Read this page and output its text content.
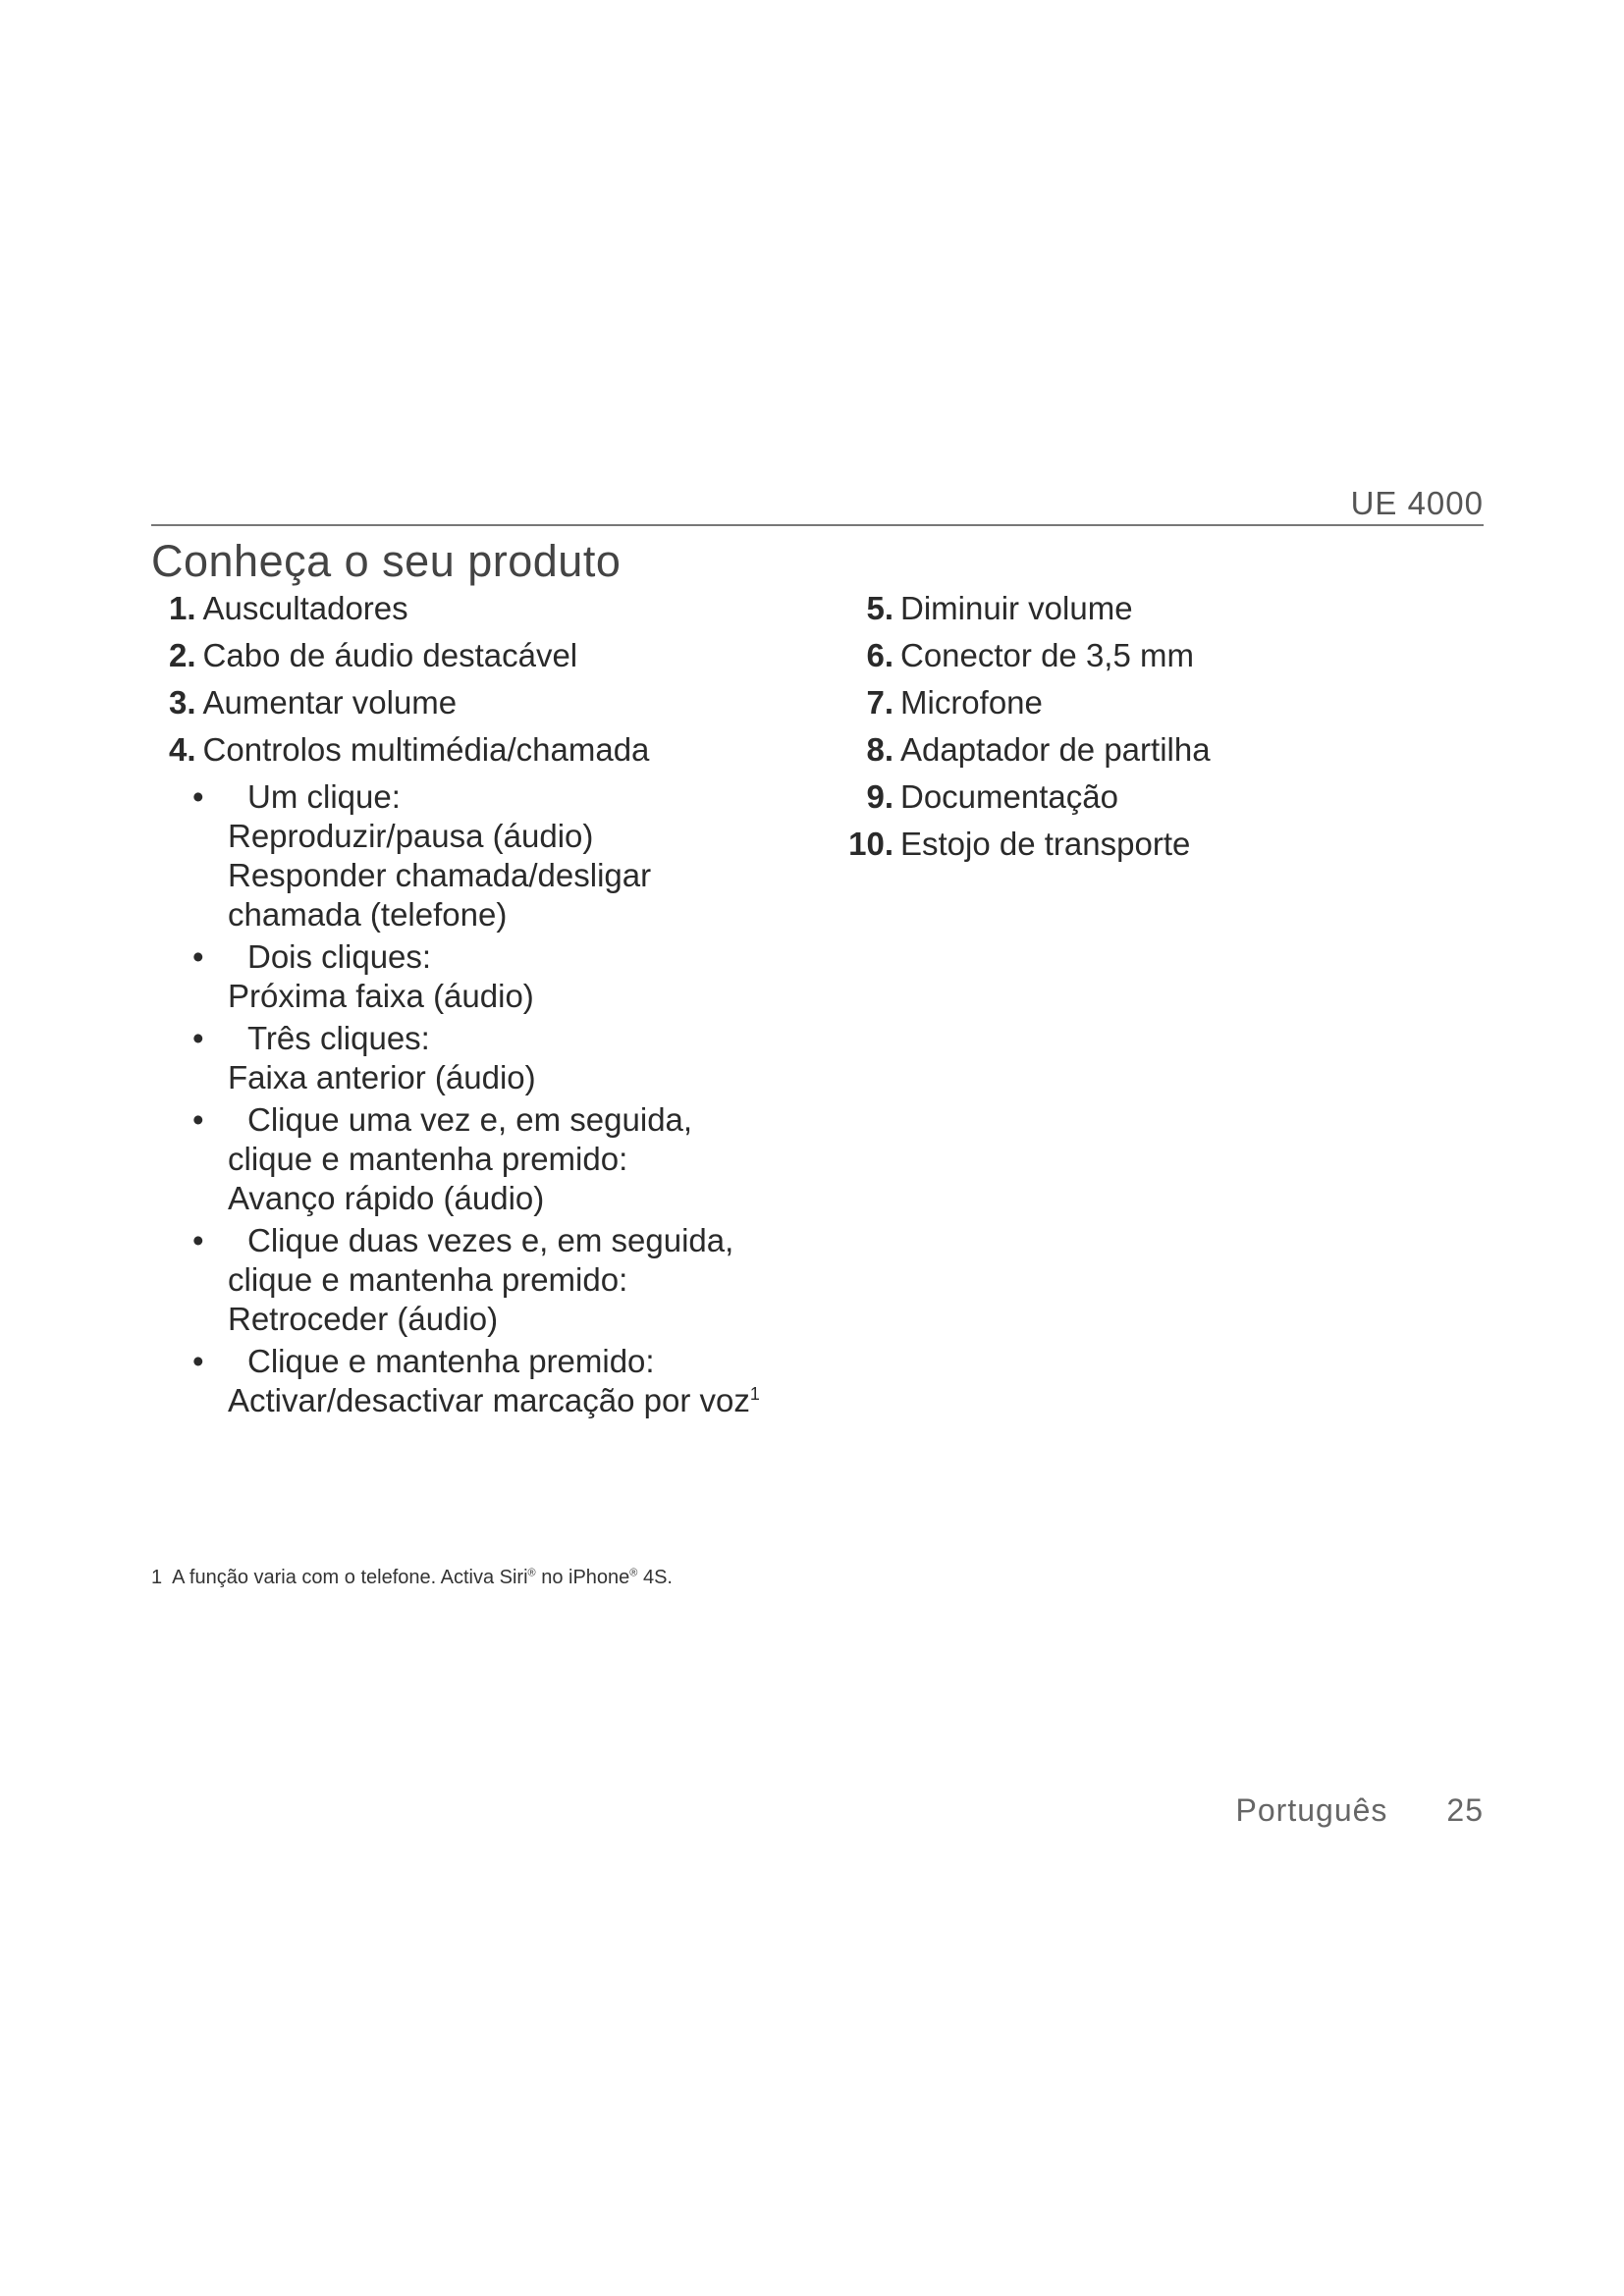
UE 4000
Conheça o seu produto
1. Auscultadores
2. Cabo de áudio destacável
3. Aumentar volume
4. Controlos multimédia/chamada
•	Um clique:
Reproduzir/pausa (áudio)
Responder chamada/desligar
chamada (telefone)
•	Dois cliques:
Próxima faixa (áudio)
•	Três cliques:
Faixa anterior (áudio)
•	Clique uma vez e, em seguida,
clique e mantenha premido:
Avanço rápido (áudio)
•	Clique duas vezes e, em seguida,
clique e mantenha premido:
Retroceder (áudio)
•	Clique e mantenha premido:
Activar/desactivar marcação por voz$^1$
5. Diminuir volume
6. Conector de 3,5 mm
7. Microfone
8. Adaptador de partilha
9. Documentação
10. Estojo de transporte
1 A função varia com o telefone. Activa Siri® no iPhone® 4S.
Português 25
